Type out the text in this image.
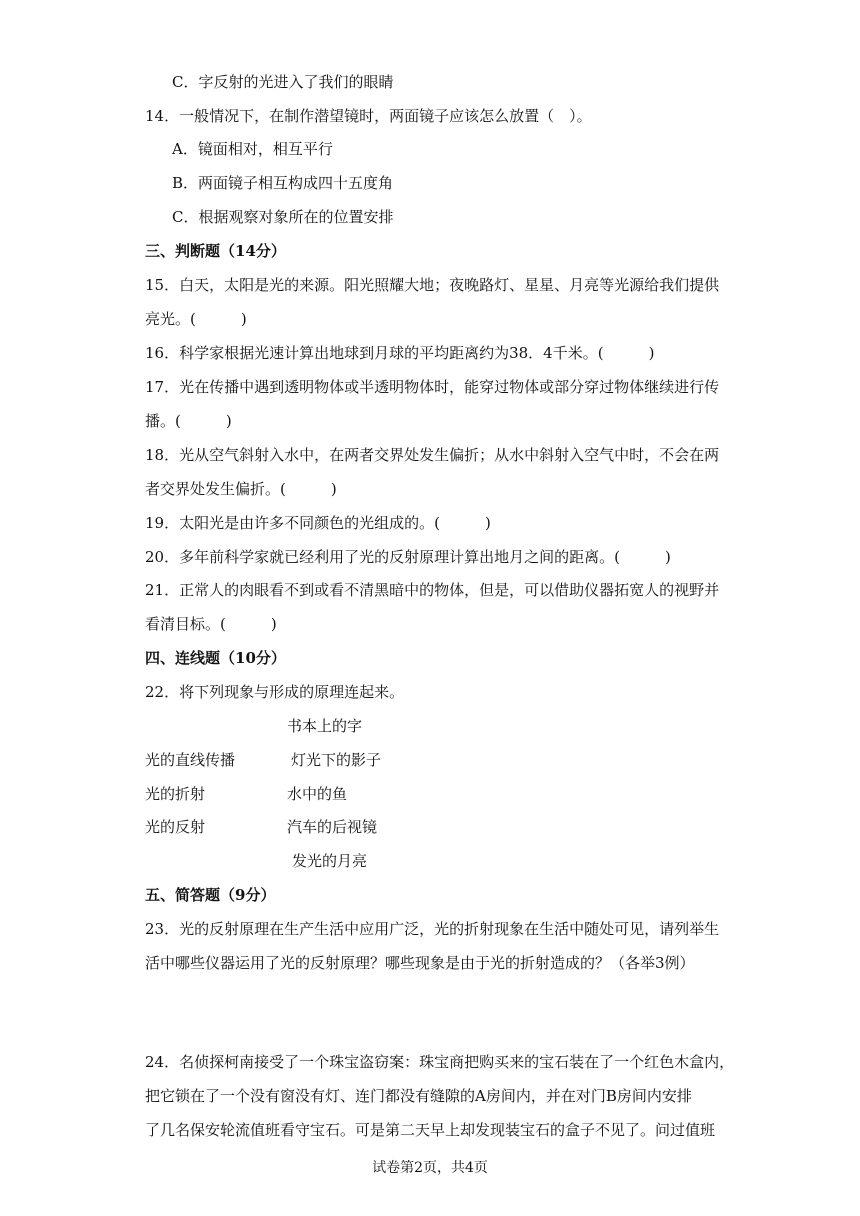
C．字反射的光进入了我们的眼睛
14．一般情况下，在制作潜望镜时，两面镜子应该怎么放置（　）。
A．镜面相对，相互平行
B．两面镜子相互构成四十五度角
C．根据观察对象所在的位置安排
三、判断题（14分）
15．白天，太阳是光的来源。阳光照耀大地；夜晚路灯、星星、月亮等光源给我们提供
亮光。(　　　)
16．科学家根据光速计算出地球到月球的平均距离约为38．4千米。(　　　)
17．光在传播中遇到透明物体或半透明物体时，能穿过物体或部分穿过物体继续进行传
播。(　　　)
18．光从空气斜射入水中，在两者交界处发生偏折；从水中斜射入空气中时，不会在两
者交界处发生偏折。(　　　)
19．太阳光是由许多不同颜色的光组成的。(　　　)
20．多年前科学家就已经利用了光的反射原理计算出地月之间的距离。(　　　)
21．正常人的肉眼看不到或看不清黑暗中的物体，但是，可以借助仪器拓宽人的视野并
看清目标。(　　　)
四、连线题（10分）
22．将下列现象与形成的原理连起来。
书本上的字
光的直线传播	灯光下的影子
光的折射	水中的鱼
光的反射	汽车的后视镜
发光的月亮
五、简答题（9分）
23．光的反射原理在生产生活中应用广泛，光的折射现象在生活中随处可见，请列举生
活中哪些仪器运用了光的反射原理？哪些现象是由于光的折射造成的？（各举3例）
24．名侦探柯南接受了一个珠宝盗窃案：珠宝商把购买来的宝石装在了一个红色木盒内，
把它锁在了一个没有窗没有灯、连门都没有缝隙的A房间内，并在对门B房间内安排
了几名保安轮流值班看守宝石。可是第二天早上却发现装宝石的盒子不见了。问过值班
试卷第2页，共4页
